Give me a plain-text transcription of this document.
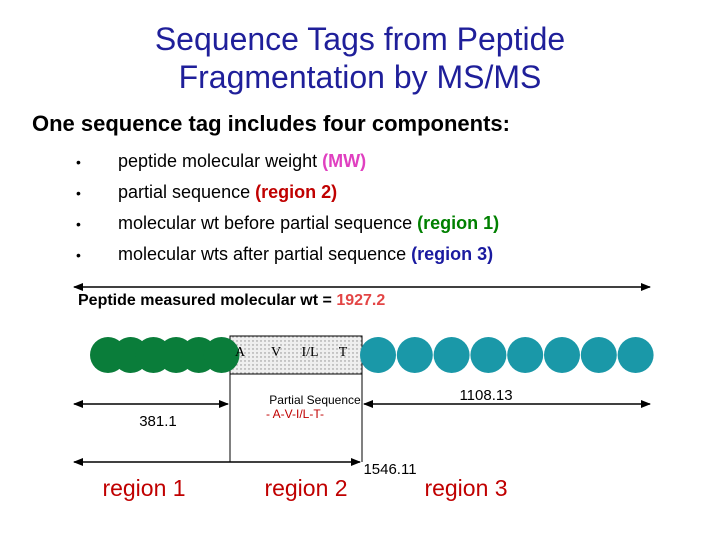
Sequence Tags from Peptide
Fragmentation by MS/MS
One sequence tag includes four components:
• peptide molecular weight (MW)
• partial sequence (region 2)
• molecular wt before partial sequence (region 1)
• molecular wts after partial sequence (region 3)
Peptide measured molecular wt = 1927.2
A V I/L T
Partial Sequence
- A-V-I/L-T-
381.1
1108.13
1546.11
region 1	region 2	region 3
